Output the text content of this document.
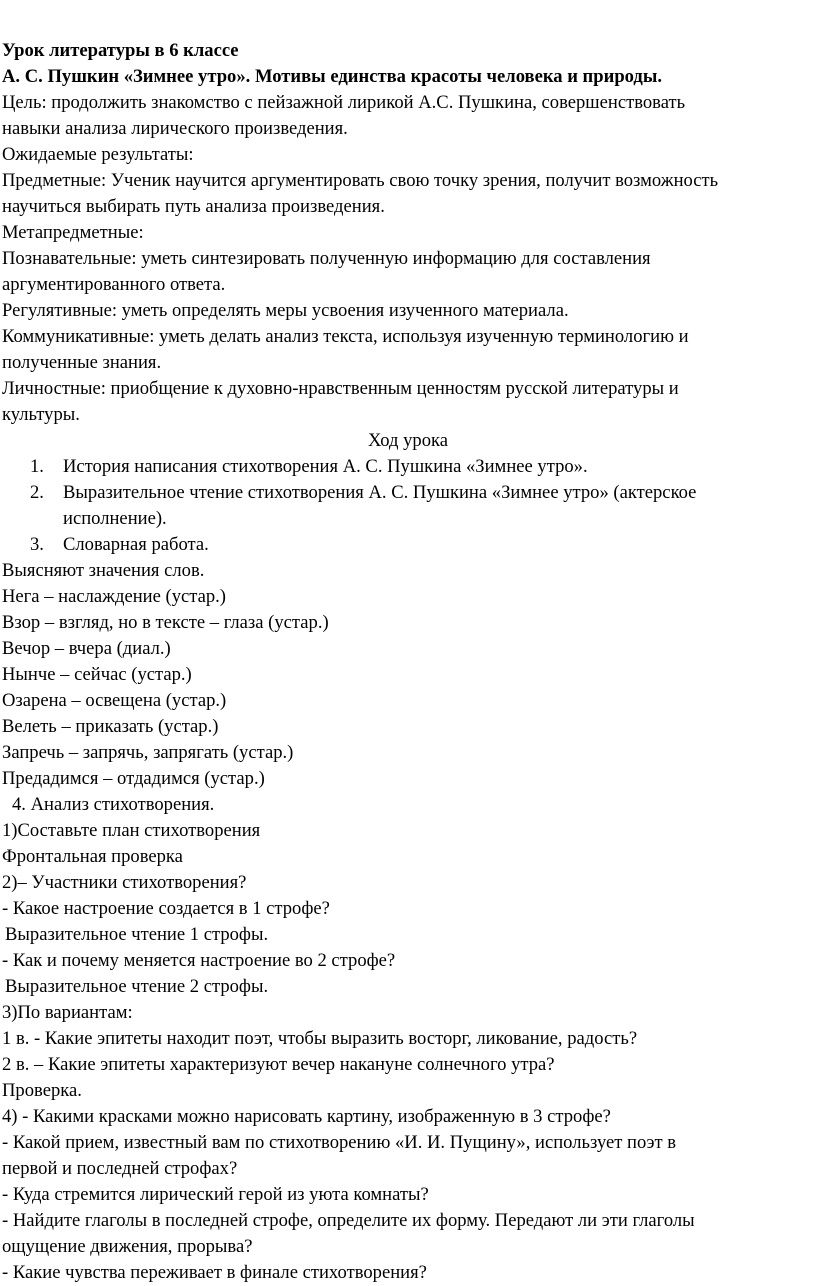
Урок литературы в 6 классе

А. С. Пушкин «Зимнее утро». Мотивы единства красоты человека и природы.

Цель: продолжить знакомство с пейзажной лирикой А.С. Пушкина, совершенствовать

навыки анализа лирического произведения.

Ожидаемые результаты:

Предметные: Ученик научится аргументировать свою точку зрения, получит возможность

научиться выбирать путь анализа произведения.

Метапредметные:

Познавательные: уметь синтезировать полученную информацию для составления

аргументированного ответа.

Регулятивные: уметь определять меры усвоения изученного материала.

Коммуникативные: уметь делать анализ текста, используя изученную терминологию и

полученные знания.

Личностные: приобщение к духовно-нравственным ценностям русской литературы и

культуры.

Ход урока

1. История написания стихотворения А. С. Пушкина «Зимнее утро».
2. Выразительное чтение стихотворения А. С. Пушкина «Зимнее утро» (актерское исполнение).
3. Словарная работа.

Выясняют значения слов.

Нега – наслаждение (устар.)

Взор – взгляд, но в тексте – глаза (устар.)

Вечор – вчера (диал.)

Нынче – сейчас (устар.)

Озарена – освещена (устар.)

Велеть – приказать (устар.)

Запречь – запрячь, запрягать (устар.)

Предадимся – отдадимся (устар.)

4. Анализ стихотворения.

1)Составьте план стихотворения

Фронтальная проверка

2)– Участники стихотворения?

- Какое настроение создается в 1 строфе?

Выразительное чтение 1 строфы.

- Как и почему меняется настроение во 2 строфе?

Выразительное чтение 2 строфы.

3)По вариантам:

1 в. - Какие эпитеты находит поэт, чтобы выразить восторг, ликование, радость?

2 в. – Какие эпитеты характеризуют вечер накануне солнечного утра?

Проверка.

4) - Какими красками можно нарисовать картину, изображенную в 3 строфе?

- Какой прием, известный вам по стихотворению «И. И. Пущину», использует поэт в

первой и последней строфах?

- Куда стремится лирический герой из уюта комнаты?

- Найдите глаголы в последней строфе, определите их форму. Передают ли эти глаголы

ощущение движения, прорыва?

- Какие чувства переживает в финале стихотворения?
